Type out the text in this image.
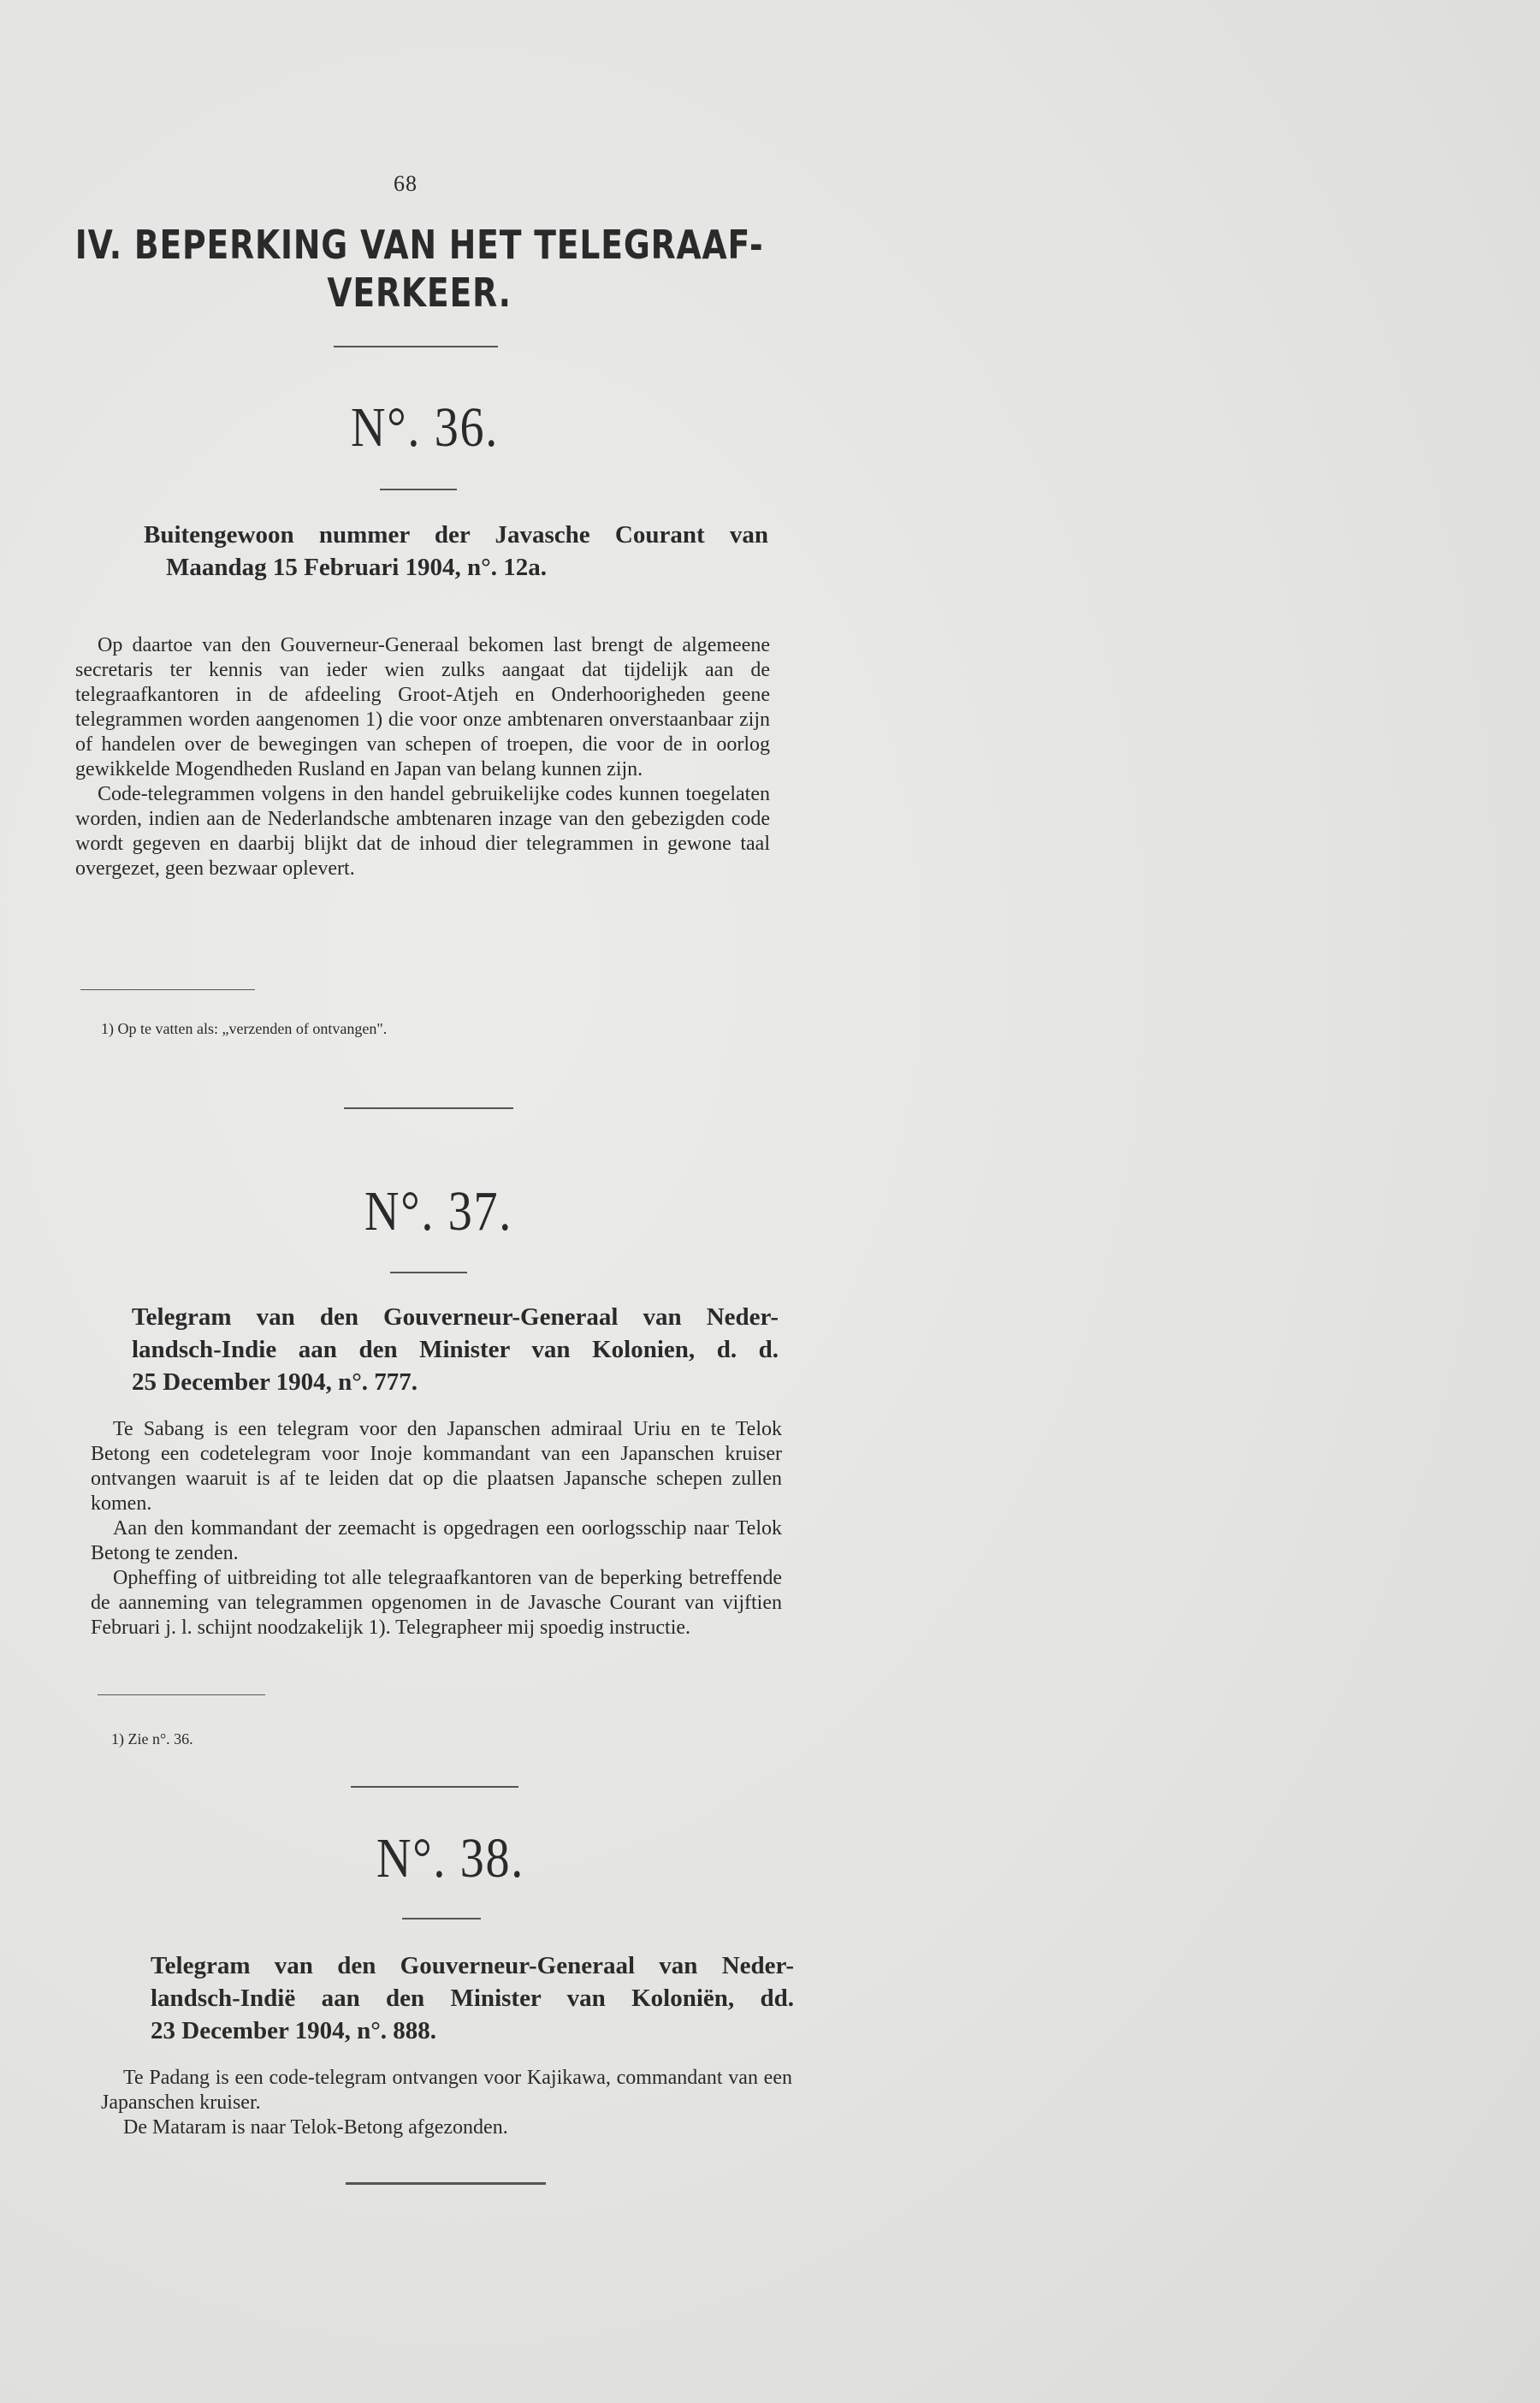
68
IV. BEPERKING VAN HET TELEGRAAF-
VERKEER.
N°. 36.
Buitengewoon nummer der Javasche Courant van
Maandag 15 Februari 1904, n°. 12a.

Op daartoe van den Gouverneur-Generaal bekomen last brengt de algemeene secretaris ter kennis van ieder wien zulks aangaat dat tijdelijk aan de telegraafkantoren in de afdeeling Groot-Atjeh en Onderhoorigheden geene telegrammen worden aangenomen 1) die voor onze ambtenaren onverstaanbaar zijn of handelen over de bewegingen van schepen of troepen, die voor de in oorlog gewikkelde Mogendheden Rusland en Japan van belang kunnen zijn.

Code-telegrammen volgens in den handel gebruikelijke codes kunnen toegelaten worden, indien aan de Nederlandsche ambtenaren inzage van den gebezigden code wordt gegeven en daarbij blijkt dat de inhoud dier telegrammen in gewone taal overgezet, geen bezwaar oplevert.

1) Op te vatten als: „verzenden of ontvangen".
N°. 37.
Telegram van den Gouverneur-Generaal van Neder-
landsch-Indie aan den Minister van Kolonien, d. d.
25 December 1904, n°. 777.

Te Sabang is een telegram voor den Japanschen admiraal Uriu en te Telok Betong een codetelegram voor Inoje kommandant van een Japanschen kruiser ontvangen waaruit is af te leiden dat op die plaatsen Japansche schepen zullen komen.

Aan den kommandant der zeemacht is opgedragen een oorlogsschip naar Telok Betong te zenden.

Opheffing of uitbreiding tot alle telegraafkantoren van de beperking betreffende de aanneming van telegrammen opgenomen in de Javasche Courant van vijftien Februari j. l. schijnt noodzakelijk 1). Telegrapheer mij spoedig instructie.

1) Zie n°. 36.
N°. 38.
Telegram van den Gouverneur-Generaal van Neder-
landsch-Indië aan den Minister van Koloniën, dd.
23 December 1904, n°. 888.

Te Padang is een code-telegram ontvangen voor Kajikawa, commandant van een Japanschen kruiser.

De Mataram is naar Telok-Betong afgezonden.
